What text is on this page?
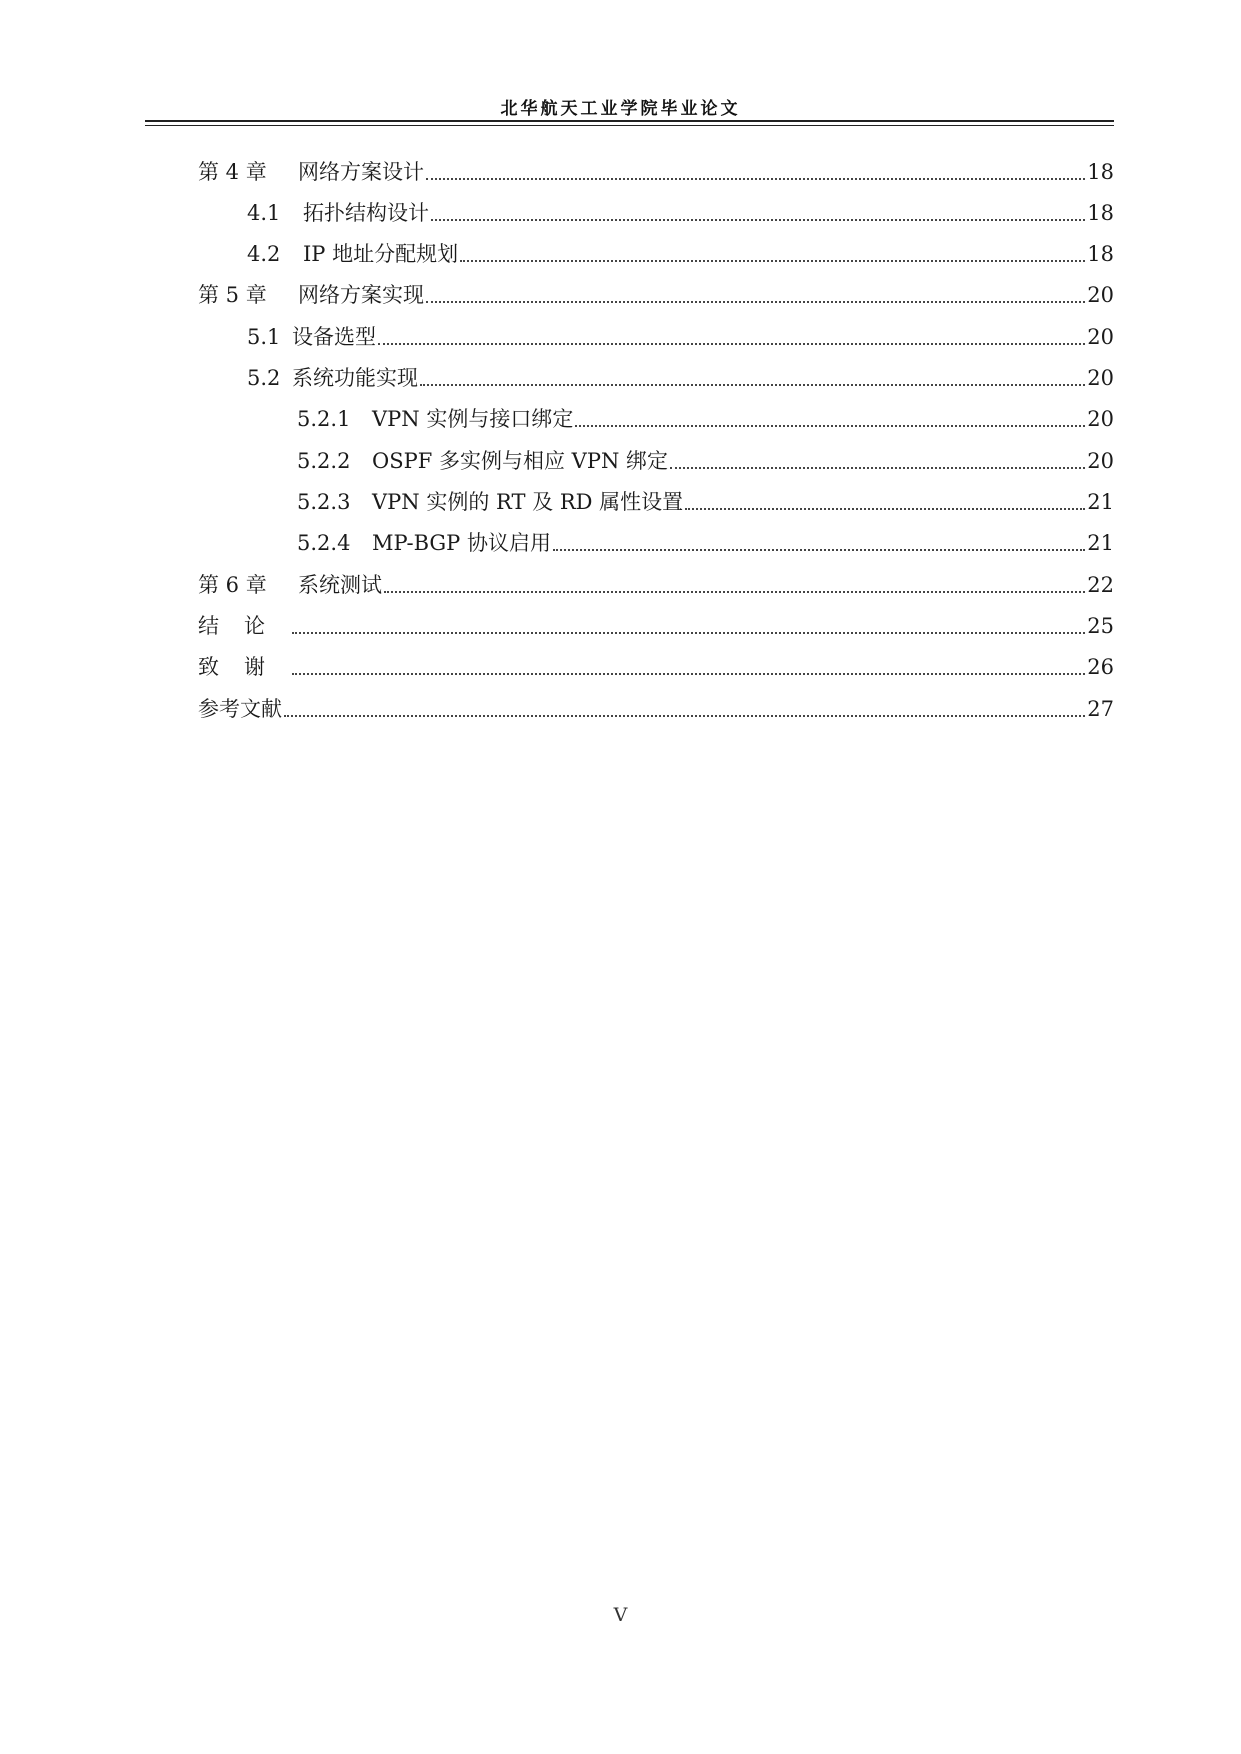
北华航天工业学院毕业论文
第 4 章 网络方案设计	18
4.1 拓扑结构设计	18
4.2 IP 地址分配规划	18
第 5 章 网络方案实现	20
5.1 设备选型	20
5.2 系统功能实现	20
5.2.1 VPN 实例与接口绑定	20
5.2.2 OSPF 多实例与相应 VPN 绑定	20
5.2.3 VPN 实例的 RT 及 RD 属性设置	21
5.2.4 MP-BGP 协议启用	21
第 6 章 系统测试	22
结论	25
致谢	26
参考文献	27
V
